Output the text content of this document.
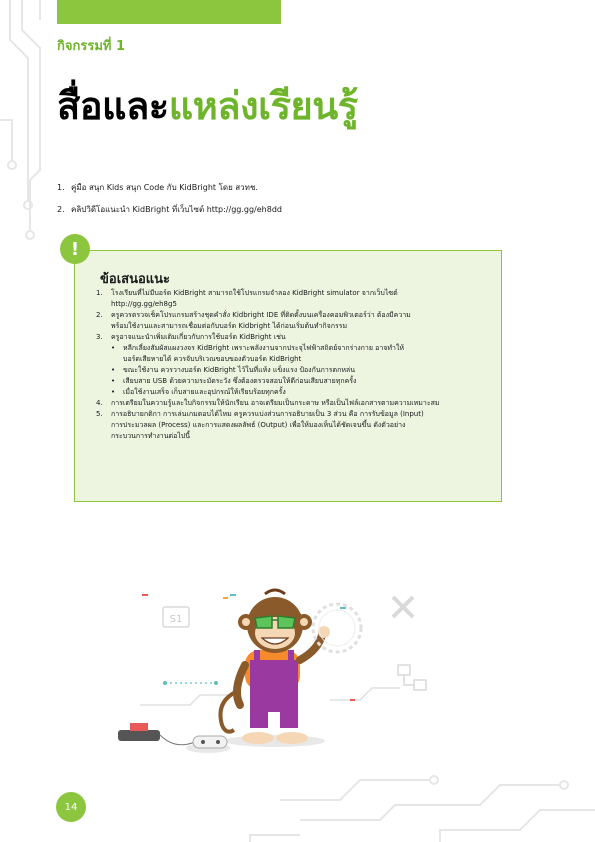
กิจกรรมที่ 1
สื่อและแหล่งเรียนรู้
1. คู่มือ สนุก Kids สนุก Code กับ KidBright โดย สวทช.
2. คลิปวิดีโอแนะนำ KidBright ที่เว็บไซต์ http://gg.gg/eh8dd
!
ข้อเสนอแนะ
1.	โรงเรียนที่ไม่มีบอร์ด KidBright สามารถใช้โปรแกรมจำลอง KidBright simulator จากเว็บไซต์
http://gg.gg/eh8g5
2.	ครูควรตรวจเช็คโปรแกรมสร้างชุดคำสั่ง Kidbright IDE ที่ติดตั้งบนเครื่องคอมพิวเตอร์ว่า ต้องมีความ
พร้อมใช้งานและสามารถเชื่อมต่อกับบอร์ด Kidbright ได้ก่อนเริ่มต้นทำกิจกรรม
3.	ครูอาจแนะนำเพิ่มเติมเกี่ยวกับการใช้บอร์ด KidBright เช่น
•	หลีกเลี่ยงสัมผัสแผงวงจร KidBright เพราะพลังงานจากประจุไฟฟ้าสถิตย์จากร่างกาย อาจทำให้
บอร์ดเสียหายได้ ควรจับบริเวณขอบของตัวบอร์ด KidBright
•	ขณะใช้งาน ควรวางบอร์ด KidBright ไว้ในที่แห้ง แข็งแรง ป้องกันการตกหล่น
•	เสียบสาย USB ด้วยความระมัดระวัง ซึ่งต้องตรวจสอบให้ดีก่อนเสียบสายทุกครั้ง
•	เมื่อใช้งานเสร็จ เก็บสายและอุปกรณ์ให้เรียบร้อยทุกครั้ง
4.	การเตรียมในความรู้และใบกิจกรรมให้นักเรียน อาจเตรียมเป็นกระดาษ หรือเป็นไฟล์เอกสารตามความเหมาะสม
5.	การอธิบายกติกา การเล่นเกมตอบได้ไหม ครูควรแบ่งส่วนการอธิบายเป็น 3 ส่วน คือ การรับข้อมูล (Input)
การประมวลผล (Process) และการแสดงผลลัพธ์ (Output) เพื่อให้มองเห็นได้ชัดเจนขึ้น ดังตัวอย่าง
กระบวนการทำงานต่อไปนี้
S1
14
